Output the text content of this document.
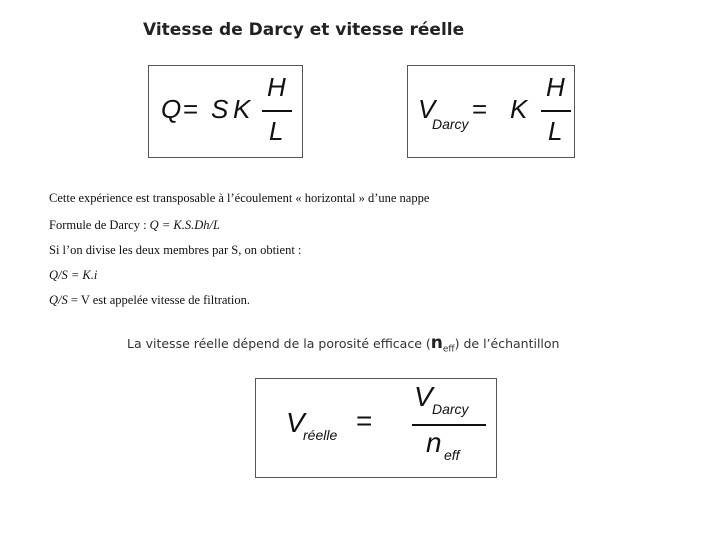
Vitesse de Darcy et vitesse réelle
Q = S K
H
L
V
Darcy = K
H
L
Cette expérience est transposable à l’écoulement « horizontal » d’une nappe
Formule de Darcy : Q = K.S.Dh/L
Si l’on divise les deux membres par S, on obtient :
Q/S = K.i
Q/S = V est appelée vitesse de filtration.
La vitesse réelle dépend de la porosité efficace $(n_{eff})$ de l’échantillon
V
réelle =
V Darcy
n eff
